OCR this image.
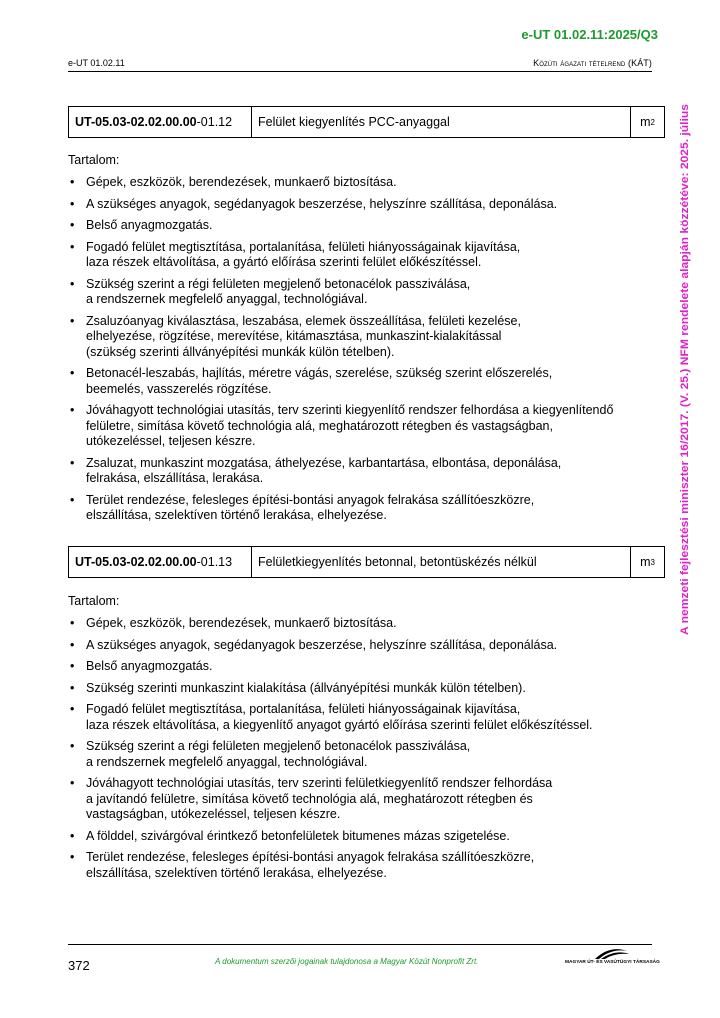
e-UT 01.02.11:2025/Q3
e-UT 01.02.11	Közúti ágazati tételrend (KÁT)
A nemzeti fejlesztési miniszter 16/2017. (V. 25.) NFM rendelete alapján közzétéve: 2025. július
UT-05.03-02.02.00.00 -01.12	Felület kiegyenlítés PCC-anyaggal	m 2
Tartalom:
• Gépek, eszközök, berendezések, munkaerő biztosítása.
• A szükséges anyagok, segédanyagok beszerzése, helyszínre szállítása, deponálása.
• Belső anyagmozgatás.
• Fogadó felület megtisztítása, portalanítása, felületi hiányosságainak kijavítása,
laza részek eltávolítása, a gyártó előírása szerinti felület előkészítéssel.
• Szükség szerint a régi felületen megjelenő betonacélok passziválása,
a rendszernek megfelelő anyaggal, technológiával.
• Zsaluzóanyag kiválasztása, leszabása, elemek összeállítása, felületi kezelése,
elhelyezése, rögzítése, merevítése, kitámasztása, munkaszint-kialakítással
(szükség szerinti állványépítési munkák külön tételben).
• Betonacél-leszabás, hajlítás, méretre vágás, szerelése, szükség szerint előszerelés,
beemelés, vasszerelés rögzítése.
• Jóváhagyott technológiai utasítás, terv szerinti kiegyenlítő rendszer felhordása a kiegyenlítendő
felületre, simítása követő technológia alá, meghatározott rétegben és vastagságban,
utókezeléssel, teljesen készre.
• Zsaluzat, munkaszint mozgatása, áthelyezése, karbantartása, elbontása, deponálása,
felrakása, elszállítása, lerakása.
• Terület rendezése, felesleges építési-bontási anyagok felrakása szállítóeszközre,
elszállítása, szelektíven történő lerakása, elhelyezése.
UT-05.03-02.02.00.00 -01.13	Felületkiegyenlítés betonnal, betontüskézés nélkül	m 3
Tartalom:
• Gépek, eszközök, berendezések, munkaerő biztosítása.
• A szükséges anyagok, segédanyagok beszerzése, helyszínre szállítása, deponálása.
• Belső anyagmozgatás.
• Szükség szerinti munkaszint kialakítása (állványépítési munkák külön tételben).
• Fogadó felület megtisztítása, portalanítása, felületi hiányosságainak kijavítása,
laza részek eltávolítása, a kiegyenlítő anyagot gyártó előírása szerinti felület előkészítéssel.
• Szükség szerint a régi felületen megjelenő betonacélok passziválása,
a rendszernek megfelelő anyaggal, technológiával.
• Jóváhagyott technológiai utasítás, terv szerinti felületkiegyenlítő rendszer felhordása
a javítandó felületre, simítása követő technológia alá, meghatározott rétegben és
vastagságban, utókezeléssel, teljesen készre.
• A földdel, szivárgóval érintkező betonfelületek bitumenes mázas szigetelése.
• Terület rendezése, felesleges építési-bontási anyagok felrakása szállítóeszközre,
elszállítása, szelektíven történő lerakása, elhelyezése.
372	A dokumentum szerzői jogainak tulajdonosa a Magyar Közút Nonprofit Zrt.	MAGYAR ÚT- ÉS VASÚTÜGYI TÁRSASÁG
